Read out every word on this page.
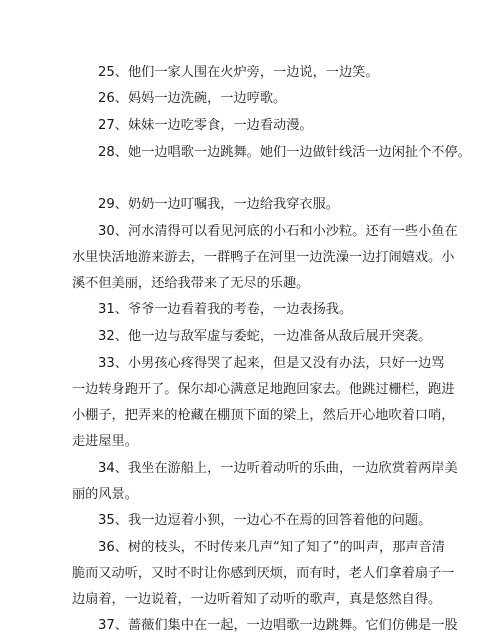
25、他们一家人围在火炉旁，一边说，一边笑。
26、妈妈一边洗碗，一边哼歌。
27、妹妹一边吃零食，一边看动漫。
28、她一边唱歌一边跳舞。她们一边做针线活一边闲扯个不停。
29、奶奶一边叮嘱我，一边给我穿衣服。
30、河水清得可以看见河底的小石和小沙粒。还有一些小鱼在
水里快活地游来游去，一群鸭子在河里一边洗澡一边打闹嬉戏。小
溪不但美丽，还给我带来了无尽的乐趣。
31、爷爷一边看着我的考卷，一边表扬我。
32、他一边与敌军虚与委蛇，一边准备从敌后展开突袭。
33、小男孩心疼得哭了起来，但是又没有办法，只好一边骂
一边转身跑开了。保尔却心满意足地跑回家去。他跳过栅栏，跑进
小棚子，把弄来的枪藏在棚顶下面的梁上，然后开心地吹着口哨，
走进屋里。
34、我坐在游船上，一边听着动听的乐曲，一边欣赏着两岸美
丽的风景。
35、我一边逗着小狈，一边心不在焉的回答着他的问题。
36、树的枝头，不时传来几声“知了知了”的叫声，那声音清
脆而又动听，又时不时让你感到厌烦，而有时，老人们拿着扇子一
边扇着，一边说着，一边听着知了动听的歌声，真是悠然自得。
37、蔷薇们集中在一起，一边唱歌一边跳舞。它们仿佛是一股
